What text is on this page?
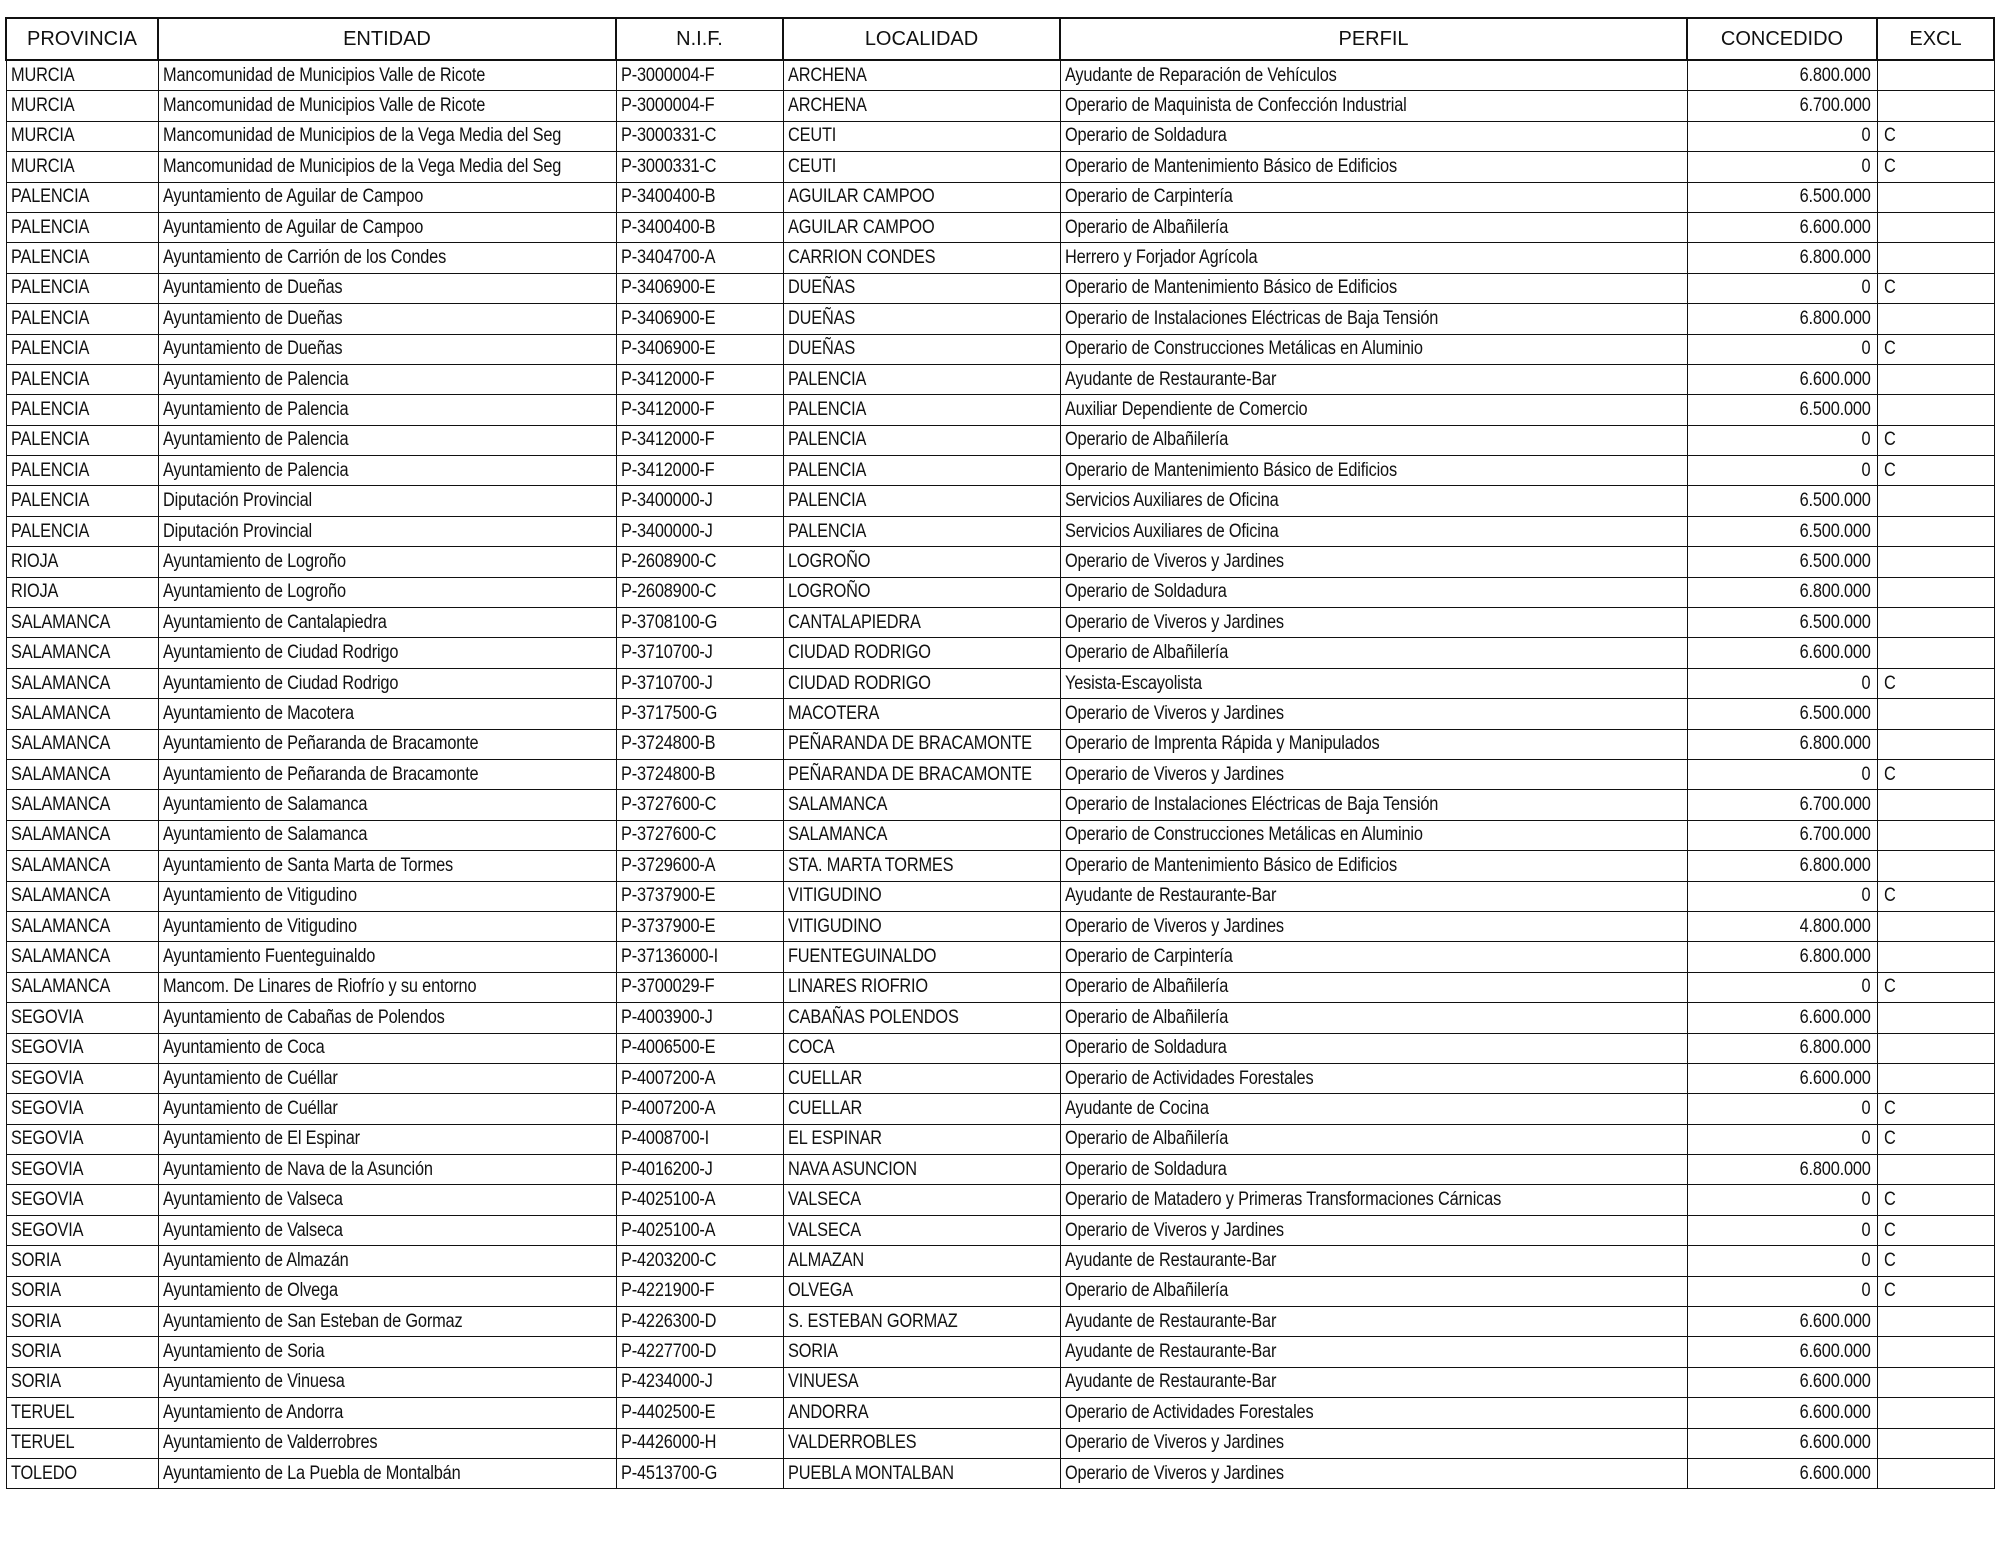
PROVINCIA	ENTIDAD	N.I.F.	LOCALIDAD	PERFIL	CONCEDIDO	EXCL
MURCIA	Mancomunidad de Municipios Valle de Ricote	P-3000004-F	ARCHENA	Ayudante de Reparación de Vehículos	6.800.000	
MURCIA	Mancomunidad de Municipios Valle de Ricote	P-3000004-F	ARCHENA	Operario de Maquinista de Confección Industrial	6.700.000	
MURCIA	Mancomunidad de Municipios de la Vega Media del Seg	P-3000331-C	CEUTI	Operario de Soldadura	0	C
MURCIA	Mancomunidad de Municipios de la Vega Media del Seg	P-3000331-C	CEUTI	Operario de Mantenimiento Básico de Edificios	0	C
PALENCIA	Ayuntamiento de Aguilar de Campoo	P-3400400-B	AGUILAR CAMPOO	Operario de Carpintería	6.500.000	
PALENCIA	Ayuntamiento de Aguilar de Campoo	P-3400400-B	AGUILAR CAMPOO	Operario de Albañilería	6.600.000	
PALENCIA	Ayuntamiento de Carrión de los Condes	P-3404700-A	CARRION CONDES	Herrero y Forjador Agrícola	6.800.000	
PALENCIA	Ayuntamiento de Dueñas	P-3406900-E	DUEÑAS	Operario de Mantenimiento Básico de Edificios	0	C
PALENCIA	Ayuntamiento de Dueñas	P-3406900-E	DUEÑAS	Operario de Instalaciones Eléctricas de Baja Tensión	6.800.000	
PALENCIA	Ayuntamiento de Dueñas	P-3406900-E	DUEÑAS	Operario de Construcciones Metálicas en Aluminio	0	C
PALENCIA	Ayuntamiento de Palencia	P-3412000-F	PALENCIA	Ayudante de Restaurante-Bar	6.600.000	
PALENCIA	Ayuntamiento de Palencia	P-3412000-F	PALENCIA	Auxiliar Dependiente de Comercio	6.500.000	
PALENCIA	Ayuntamiento de Palencia	P-3412000-F	PALENCIA	Operario de Albañilería	0	C
PALENCIA	Ayuntamiento de Palencia	P-3412000-F	PALENCIA	Operario de Mantenimiento Básico de Edificios	0	C
PALENCIA	Diputación Provincial	P-3400000-J	PALENCIA	Servicios Auxiliares de Oficina	6.500.000	
PALENCIA	Diputación Provincial	P-3400000-J	PALENCIA	Servicios Auxiliares de Oficina	6.500.000	
RIOJA	Ayuntamiento de Logroño	P-2608900-C	LOGROÑO	Operario de Viveros y Jardines	6.500.000	
RIOJA	Ayuntamiento de Logroño	P-2608900-C	LOGROÑO	Operario de Soldadura	6.800.000	
SALAMANCA	Ayuntamiento de Cantalapiedra	P-3708100-G	CANTALAPIEDRA	Operario de Viveros y Jardines	6.500.000	
SALAMANCA	Ayuntamiento de Ciudad Rodrigo	P-3710700-J	CIUDAD RODRIGO	Operario de Albañilería	6.600.000	
SALAMANCA	Ayuntamiento de Ciudad Rodrigo	P-3710700-J	CIUDAD RODRIGO	Yesista-Escayolista	0	C
SALAMANCA	Ayuntamiento de Macotera	P-3717500-G	MACOTERA	Operario de Viveros y Jardines	6.500.000	
SALAMANCA	Ayuntamiento de Peñaranda de Bracamonte	P-3724800-B	PEÑARANDA DE BRACAMONTE	Operario de Imprenta Rápida y Manipulados	6.800.000	
SALAMANCA	Ayuntamiento de Peñaranda de Bracamonte	P-3724800-B	PEÑARANDA DE BRACAMONTE	Operario de Viveros y Jardines	0	C
SALAMANCA	Ayuntamiento de Salamanca	P-3727600-C	SALAMANCA	Operario de Instalaciones Eléctricas de Baja Tensión	6.700.000	
SALAMANCA	Ayuntamiento de Salamanca	P-3727600-C	SALAMANCA	Operario de Construcciones Metálicas en Aluminio	6.700.000	
SALAMANCA	Ayuntamiento de Santa Marta de Tormes	P-3729600-A	STA. MARTA TORMES	Operario de Mantenimiento Básico de Edificios	6.800.000	
SALAMANCA	Ayuntamiento de Vitigudino	P-3737900-E	VITIGUDINO	Ayudante de Restaurante-Bar	0	C
SALAMANCA	Ayuntamiento de Vitigudino	P-3737900-E	VITIGUDINO	Operario de Viveros y Jardines	4.800.000	
SALAMANCA	Ayuntamiento Fuenteguinaldo	P-37136000-I	FUENTEGUINALDO	Operario de Carpintería	6.800.000	
SALAMANCA	Mancom. De Linares de Riofrío y su entorno	P-3700029-F	LINARES RIOFRIO	Operario de Albañilería	0	C
SEGOVIA	Ayuntamiento de Cabañas de Polendos	P-4003900-J	CABAÑAS POLENDOS	Operario de Albañilería	6.600.000	
SEGOVIA	Ayuntamiento de Coca	P-4006500-E	COCA	Operario de Soldadura	6.800.000	
SEGOVIA	Ayuntamiento de Cuéllar	P-4007200-A	CUELLAR	Operario de Actividades Forestales	6.600.000	
SEGOVIA	Ayuntamiento de Cuéllar	P-4007200-A	CUELLAR	Ayudante de Cocina	0	C
SEGOVIA	Ayuntamiento de El Espinar	P-4008700-I	EL ESPINAR	Operario de Albañilería	0	C
SEGOVIA	Ayuntamiento de Nava de la Asunción	P-4016200-J	NAVA ASUNCION	Operario de Soldadura	6.800.000	
SEGOVIA	Ayuntamiento de Valseca	P-4025100-A	VALSECA	Operario de Matadero y Primeras Transformaciones Cárnicas	0	C
SEGOVIA	Ayuntamiento de Valseca	P-4025100-A	VALSECA	Operario de Viveros y Jardines	0	C
SORIA	Ayuntamiento de Almazán	P-4203200-C	ALMAZAN	Ayudante de Restaurante-Bar	0	C
SORIA	Ayuntamiento de Olvega	P-4221900-F	OLVEGA	Operario de Albañilería	0	C
SORIA	Ayuntamiento de San Esteban de Gormaz	P-4226300-D	S. ESTEBAN GORMAZ	Ayudante de Restaurante-Bar	6.600.000	
SORIA	Ayuntamiento de Soria	P-4227700-D	SORIA	Ayudante de Restaurante-Bar	6.600.000	
SORIA	Ayuntamiento de Vinuesa	P-4234000-J	VINUESA	Ayudante de Restaurante-Bar	6.600.000	
TERUEL	Ayuntamiento de Andorra	P-4402500-E	ANDORRA	Operario de Actividades Forestales	6.600.000	
TERUEL	Ayuntamiento de Valderrobres	P-4426000-H	VALDERROBLES	Operario de Viveros y Jardines	6.600.000	
TOLEDO	Ayuntamiento de La Puebla de Montalbán	P-4513700-G	PUEBLA MONTALBAN	Operario de Viveros y Jardines	6.600.000	
